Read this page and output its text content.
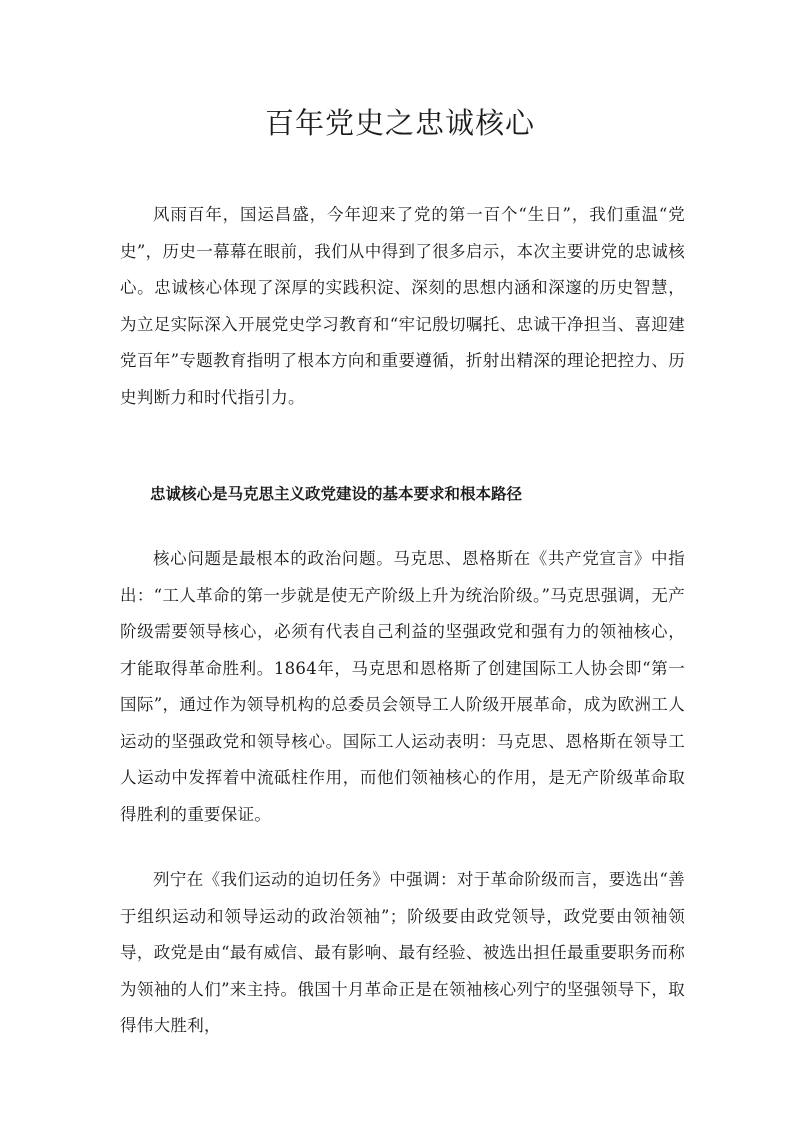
百年党史之忠诚核心

风雨百年，国运昌盛，今年迎来了党的第一百个“生日”，我们重温“党史”，历史一幕幕在眼前，我们从中得到了很多启示，本次主要讲党的忠诚核心。忠诚核心体现了深厚的实践积淀、深刻的思想内涵和深邃的历史智慧，为立足实际深入开展党史学习教育和“牢记殷切嘱托、忠诚干净担当、喜迎建党百年”专题教育指明了根本方向和重要遵循，折射出精深的理论把控力、历史判断力和时代指引力。

忠诚核心是马克思主义政党建设的基本要求和根本路径

核心问题是最根本的政治问题。马克思、恩格斯在《共产党宣言》中指出：“工人革命的第一步就是使无产阶级上升为统治阶级。”马克思强调，无产阶级需要领导核心，必须有代表自己利益的坚强政党和强有力的领袖核心，才能取得革命胜利。1864年，马克思和恩格斯了创建国际工人协会即“第一国际”，通过作为领导机构的总委员会领导工人阶级开展革命，成为欧洲工人运动的坚强政党和领导核心。国际工人运动表明：马克思、恩格斯在领导工人运动中发挥着中流砥柱作用，而他们领袖核心的作用，是无产阶级革命取得胜利的重要保证。

列宁在《我们运动的迫切任务》中强调：对于革命阶级而言，要选出“善于组织运动和领导运动的政治领袖”；阶级要由政党领导，政党要由领袖领导，政党是由“最有威信、最有影响、最有经验、被选出担任最重要职务而称为领袖的人们”来主持。俄国十月革命正是在领袖核心列宁的坚强领导下，取得伟大胜利，
